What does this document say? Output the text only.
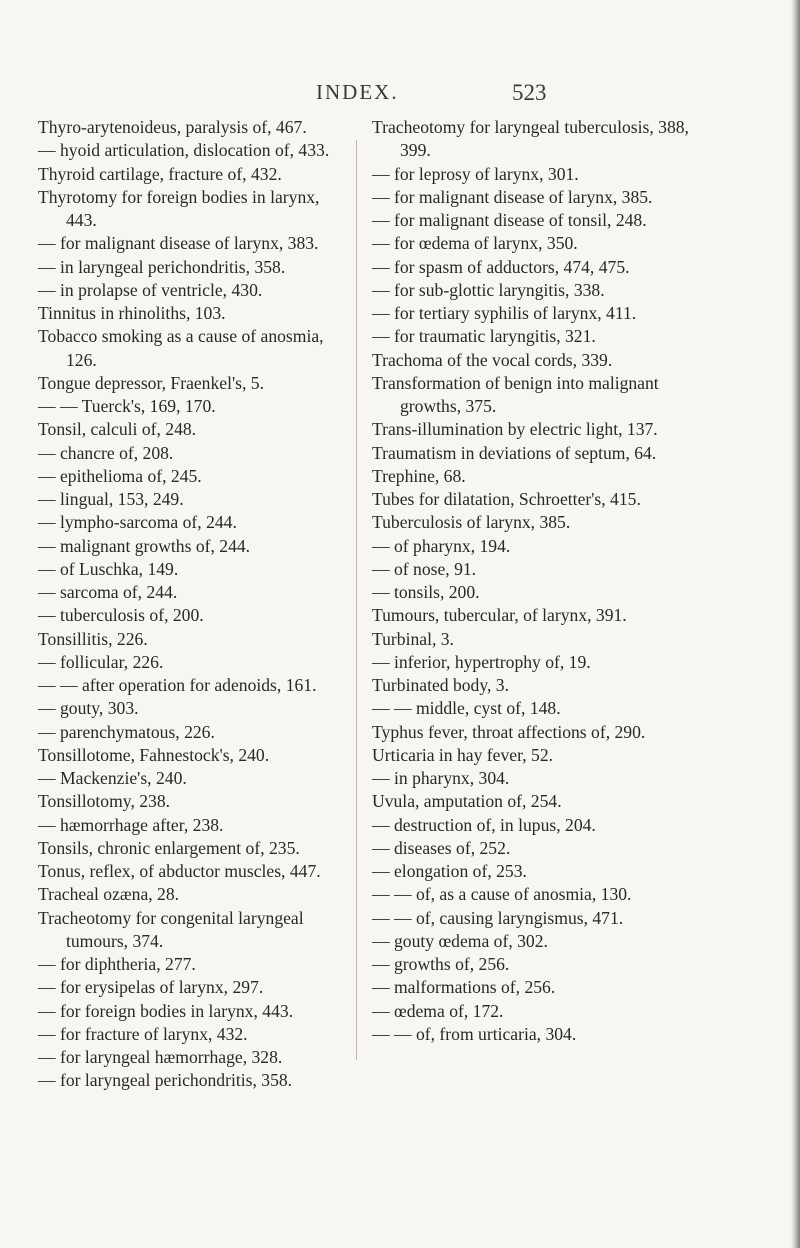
INDEX.	523
Thyro-arytenoideus, paralysis of, 467.
— hyoid articulation, dislocation of, 433.
Thyroid cartilage, fracture of, 432.
Thyrotomy for foreign bodies in larynx, 443.
— for malignant disease of larynx, 383.
— in laryngeal perichondritis, 358.
— in prolapse of ventricle, 430.
Tinnitus in rhinoliths, 103.
Tobacco smoking as a cause of anosmia, 126.
Tongue depressor, Fraenkel's, 5.
— — Tuerck's, 169, 170.
Tonsil, calculi of, 248.
— chancre of, 208.
— epithelioma of, 245.
— lingual, 153, 249.
— lympho-sarcoma of, 244.
— malignant growths of, 244.
— of Luschka, 149.
— sarcoma of, 244.
— tuberculosis of, 200.
Tonsillitis, 226.
— follicular, 226.
— — after operation for adenoids, 161.
— gouty, 303.
— parenchymatous, 226.
Tonsillotome, Fahnestock's, 240.
— Mackenzie's, 240.
Tonsillotomy, 238.
— hæmorrhage after, 238.
Tonsils, chronic enlargement of, 235.
Tonus, reflex, of abductor muscles, 447.
Tracheal ozæna, 28.
Tracheotomy for congenital laryngeal tumours, 374.
— for diphtheria, 277.
— for erysipelas of larynx, 297.
— for foreign bodies in larynx, 443.
— for fracture of larynx, 432.
— for laryngeal hæmorrhage, 328.
— for laryngeal perichondritis, 358.
Tracheotomy for laryngeal tuberculosis, 388, 399.
— for leprosy of larynx, 301.
— for malignant disease of larynx, 385.
— for malignant disease of tonsil, 248.
— for œdema of larynx, 350.
— for spasm of adductors, 474, 475.
— for sub-glottic laryngitis, 338.
— for tertiary syphilis of larynx, 411.
— for traumatic laryngitis, 321.
Trachoma of the vocal cords, 339.
Transformation of benign into malignant growths, 375.
Trans-illumination by electric light, 137.
Traumatism in deviations of septum, 64.
Trephine, 68.
Tubes for dilatation, Schroetter's, 415.
Tuberculosis of larynx, 385.
— of pharynx, 194.
— of nose, 91.
— tonsils, 200.
Tumours, tubercular, of larynx, 391.
Turbinal, 3.
— inferior, hypertrophy of, 19.
Turbinated body, 3.
— — middle, cyst of, 148.
Typhus fever, throat affections of, 290.
Urticaria in hay fever, 52.
— in pharynx, 304.
Uvula, amputation of, 254.
— destruction of, in lupus, 204.
— diseases of, 252.
— elongation of, 253.
— — of, as a cause of anosmia, 130.
— — of, causing laryngismus, 471.
— gouty œdema of, 302.
— growths of, 256.
— malformations of, 256.
— œdema of, 172.
— — of, from urticaria, 304.
